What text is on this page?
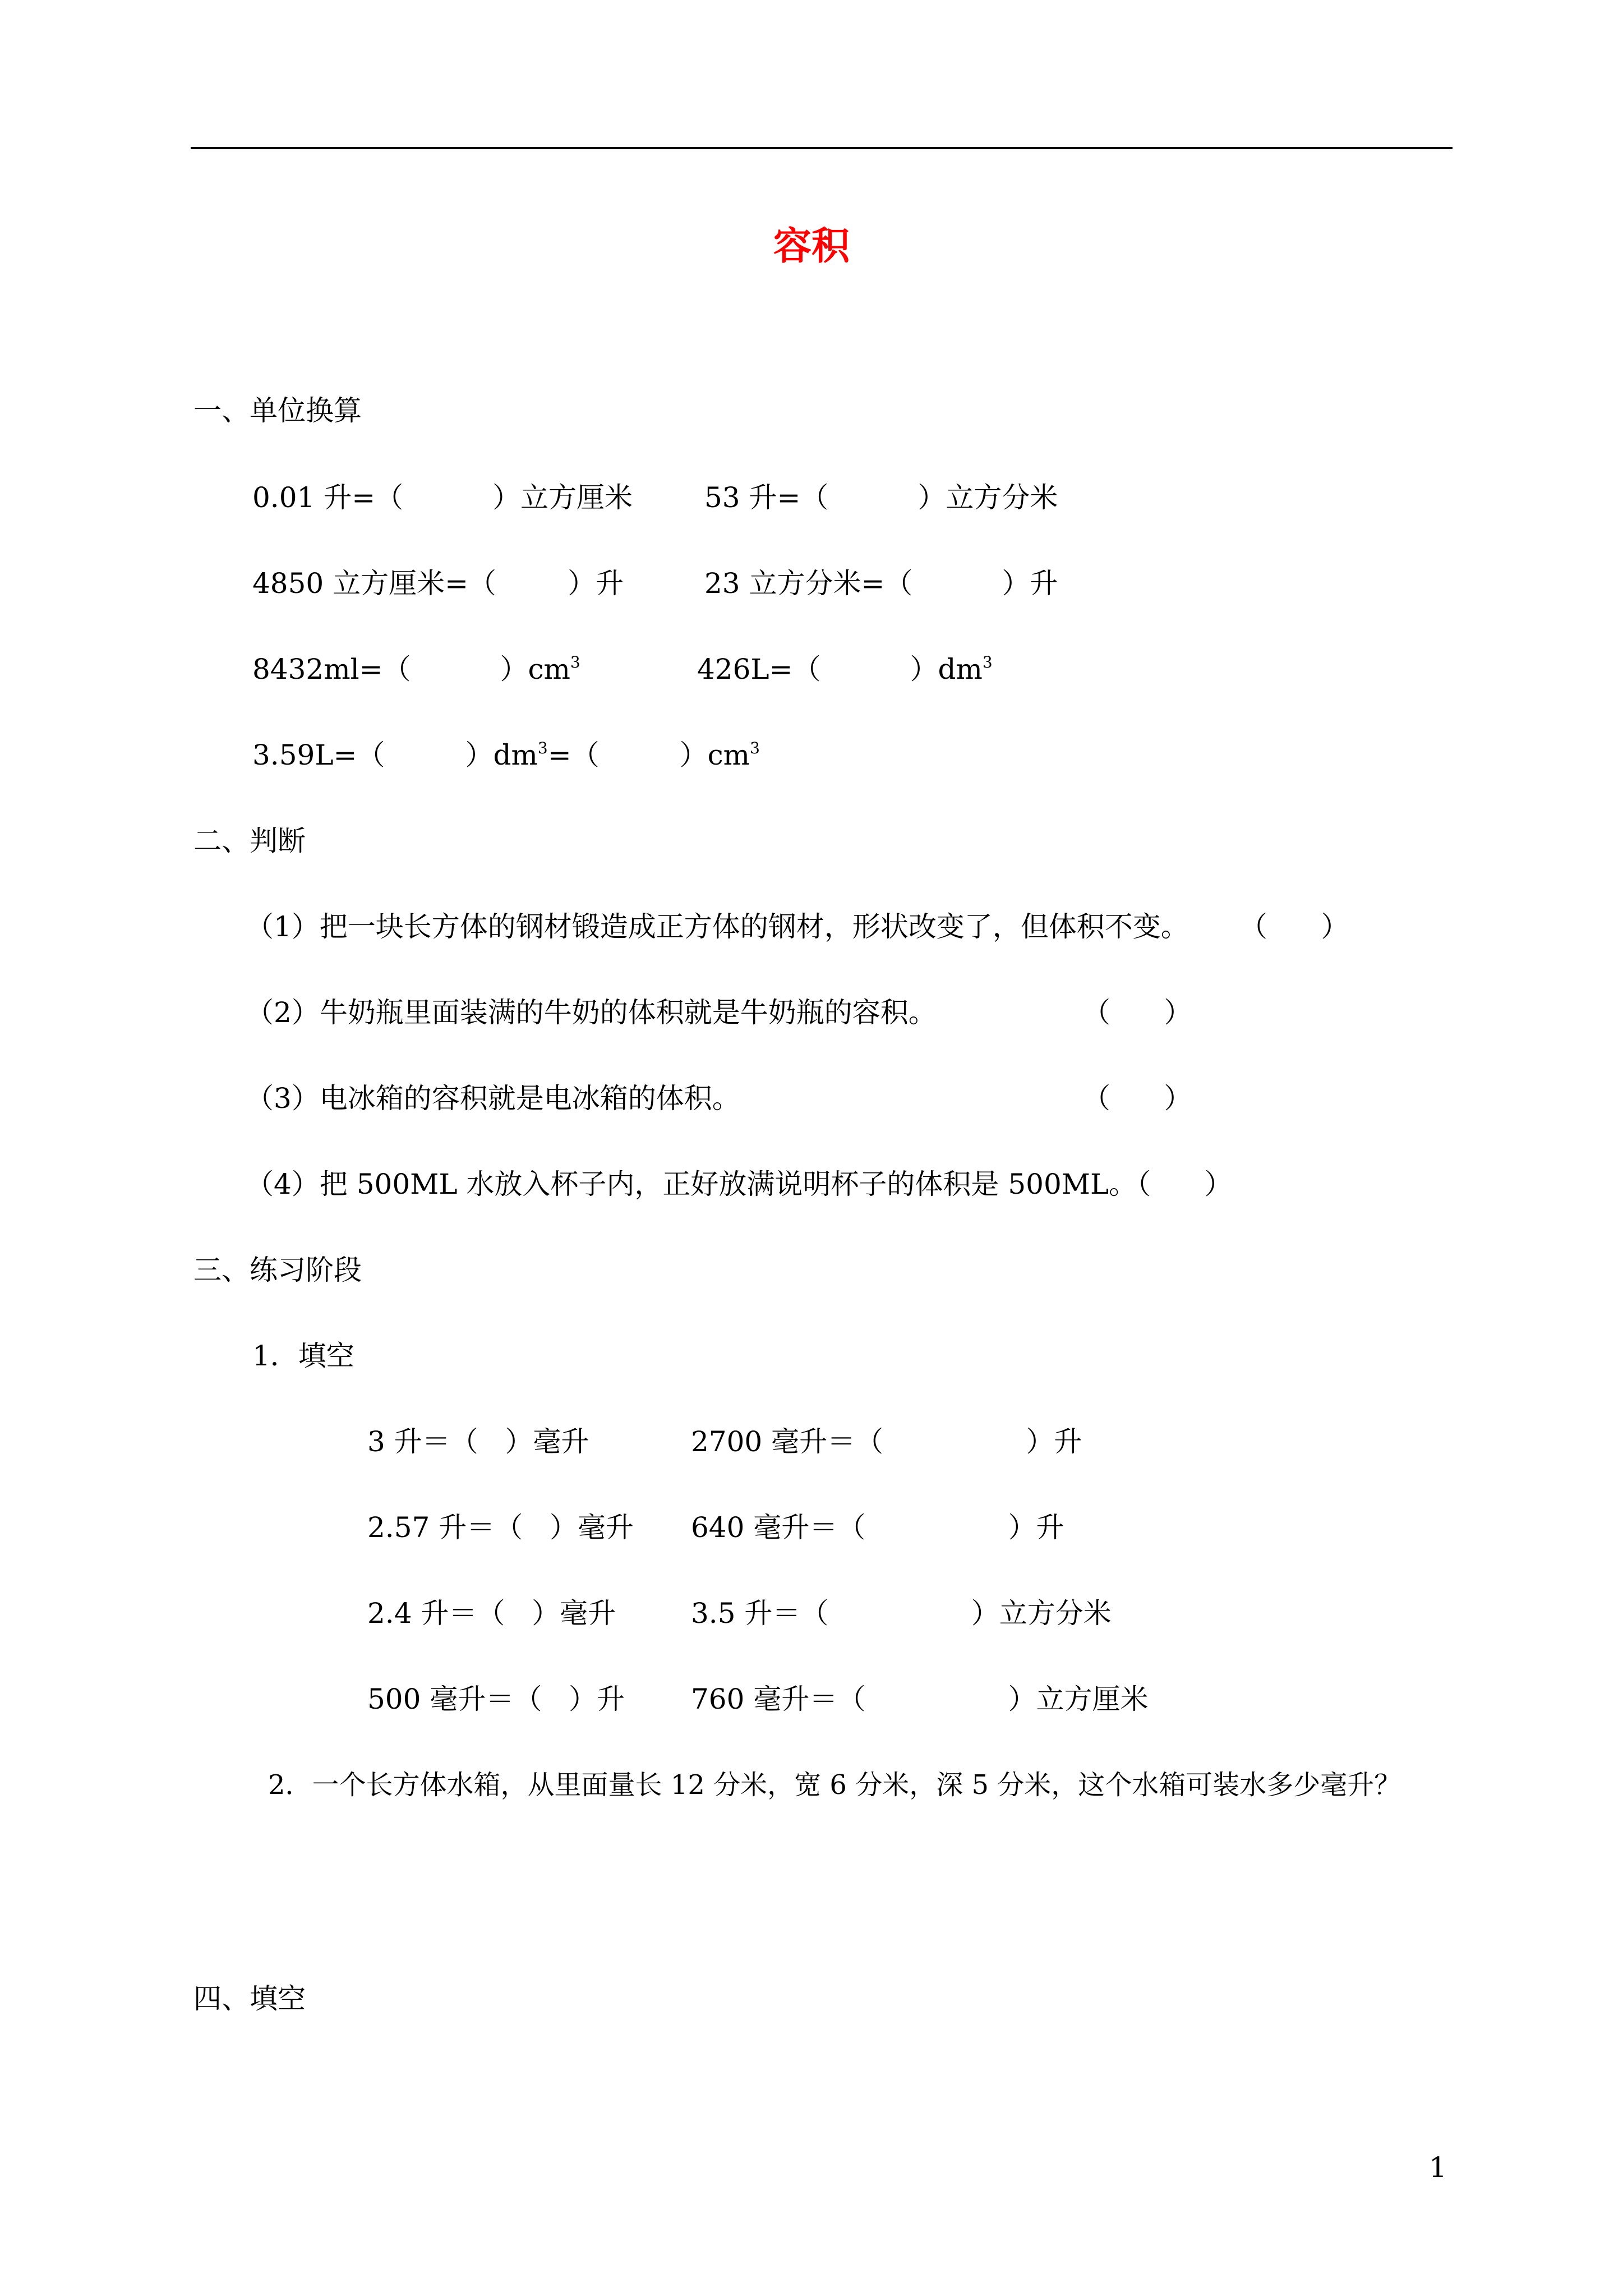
容积
一、单位换算
0.01 升=（          ）立方厘米	53 升=（          ）立方分米
4850 立方厘米=（        ）升	23 立方分米=（          ）升
8432ml=（          ）$cm^3$	426L=（          ）$dm^3$
3.59L=（         ）$dm^3=$（         ）$cm^3$
二、判断
（1）把一块长方体的钢材锻造成正方体的钢材，形状改变了，但体积不变。 （      ）
（2）牛奶瓶里面装满的牛奶的体积就是牛奶瓶的容积。	（      ）
（3）电冰箱的容积就是电冰箱的体积。	（      ）
（4）把 500ML 水放入杯子内，正好放满说明杯子的体积是 500ML。（      ）
三、练习阶段
1．填空
3 升＝（   ）毫升	2700 毫升＝（                ）升
2.57 升＝（   ）毫升 640 毫升＝（                ）升
2.4 升＝（   ）毫升	3.5 升＝（                ）立方分米
500 毫升＝（   ）升 760 毫升＝（                ）立方厘米
2．一个长方体水箱，从里面量长 12 分米，宽 6 分米，深 5 分米，这个水箱可装水多少毫升？
四、填空
1
